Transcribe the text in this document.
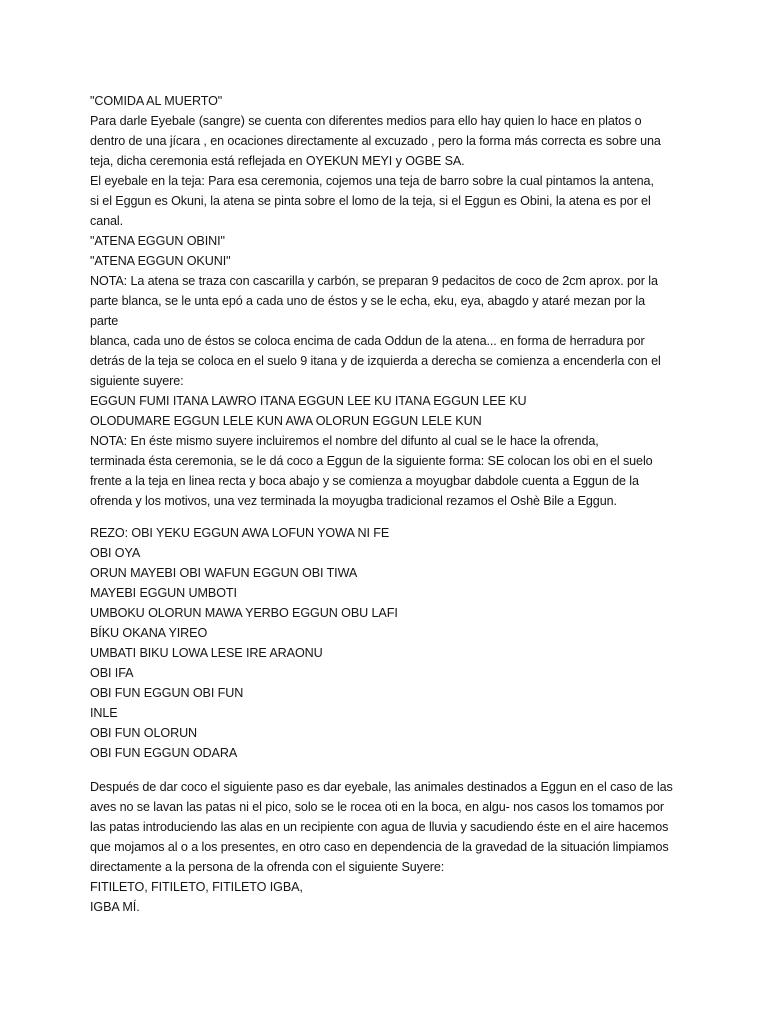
"COMIDA AL MUERTO"
Para darle Eyebale (sangre) se cuenta con diferentes medios para ello hay quien lo hace en platos o
dentro de una jícara , en ocaciones directamente al excuzado , pero la forma más correcta es sobre una
teja, dicha ceremonia está reflejada en OYEKUN MEYI y OGBE SA.
El eyebale en la teja: Para esa ceremonia, cojemos una teja de barro sobre la cual pintamos la antena,
si el Eggun es Okuni, la atena se pinta sobre el lomo de la teja, si el Eggun es Obini, la atena es por el
canal.
"ATENA EGGUN OBINI"
"ATENA EGGUN OKUNI"
NOTA: La atena se traza con cascarilla y carbón, se preparan 9 pedacitos de coco de 2cm aprox. por la
parte blanca, se le unta epó a cada uno de éstos y se le echa, eku, eya, abagdo y ataré mezan por la
parte
blanca, cada uno de éstos se coloca encima de cada Oddun de la atena... en forma de herradura por
detrás de la teja se coloca en el suelo 9 itana y de izquierda a derecha se comienza a encenderla con el
siguiente suyere:
EGGUN FUMI ITANA LAWRO ITANA EGGUN LEE KU ITANA EGGUN LEE KU
OLODUMARE EGGUN LELE KUN AWA OLORUN EGGUN LELE KUN
NOTA: En éste mismo suyere incluiremos el nombre del difunto al cual se le hace la ofrenda,
terminada ésta ceremonia, se le dá coco a Eggun de la siguiente forma: SE colocan los obi en el suelo
frente a la teja en linea recta y boca abajo y se comienza a moyugbar dabdole cuenta a Eggun de la
ofrenda y los motivos, una vez terminada la moyugba tradicional rezamos el Oshè Bile a Eggun.
REZO: OBI YEKU EGGUN AWA LOFUN YOWA NI FE
OBI OYA
ORUN MAYEBI OBI WAFUN EGGUN OBI TIWA
MAYEBI EGGUN UMBOTI
UMBOKU OLORUN MAWA YERBO EGGUN OBU LAFI
BÍKU OKANA YIREO
UMBATI BIKU LOWA LESE IRE ARAONU
OBI IFA
OBI FUN EGGUN OBI FUN
INLE
OBI FUN OLORUN
OBI FUN EGGUN ODARA
Después de dar coco el siguiente paso es dar eyebale, las animales destinados a Eggun en el caso de las
aves no se lavan las patas ni el pico, solo se le rocea oti en la boca, en algu- nos casos los tomamos por
las patas introduciendo las alas en un recipiente con agua de lluvia y sacudiendo éste en el aire hacemos
que mojamos al o a los presentes, en otro caso en dependencia de la gravedad de la situación limpiamos
directamente a la persona de la ofrenda con el siguiente Suyere:
FITILETO, FITILETO, FITILETO IGBA,
IGBA MÍ.
